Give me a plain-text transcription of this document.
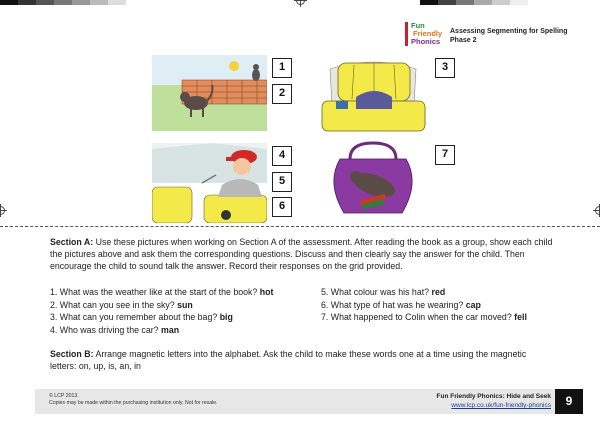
Fun
Friendly
Phonics
Assessing Segmenting for Spelling
Phase 2
1
2
3
4
5
6
7
Section A: Use these pictures when working on Section A of the assessment. After reading the book as a group, show each child the pictures above and ask them the corresponding questions. Discuss and then clearly say the answer for the child. Then encourage the child to sound talk the answer. Record their responses on the grid provided.
1. What was the weather like at the start of the book? hot
2. What can you see in the sky? sun
3. What can you remember about the bag? big
4. Who was driving the car? man
5. What colour was his hat? red
6. What type of hat was he wearing? cap
7. What happened to Colin when the car moved? fell
Section B: Arrange magnetic letters into the alphabet. Ask the child to make these words one at a time using the magnetic letters: on, up, is, an, in
© LCP 2013.
Copies may be made within the purchasing institution only. Not for resale.
Fun Friendly Phonics: Hide and Seek
www.lcp.co.uk/fun-friendly-phonics	9
